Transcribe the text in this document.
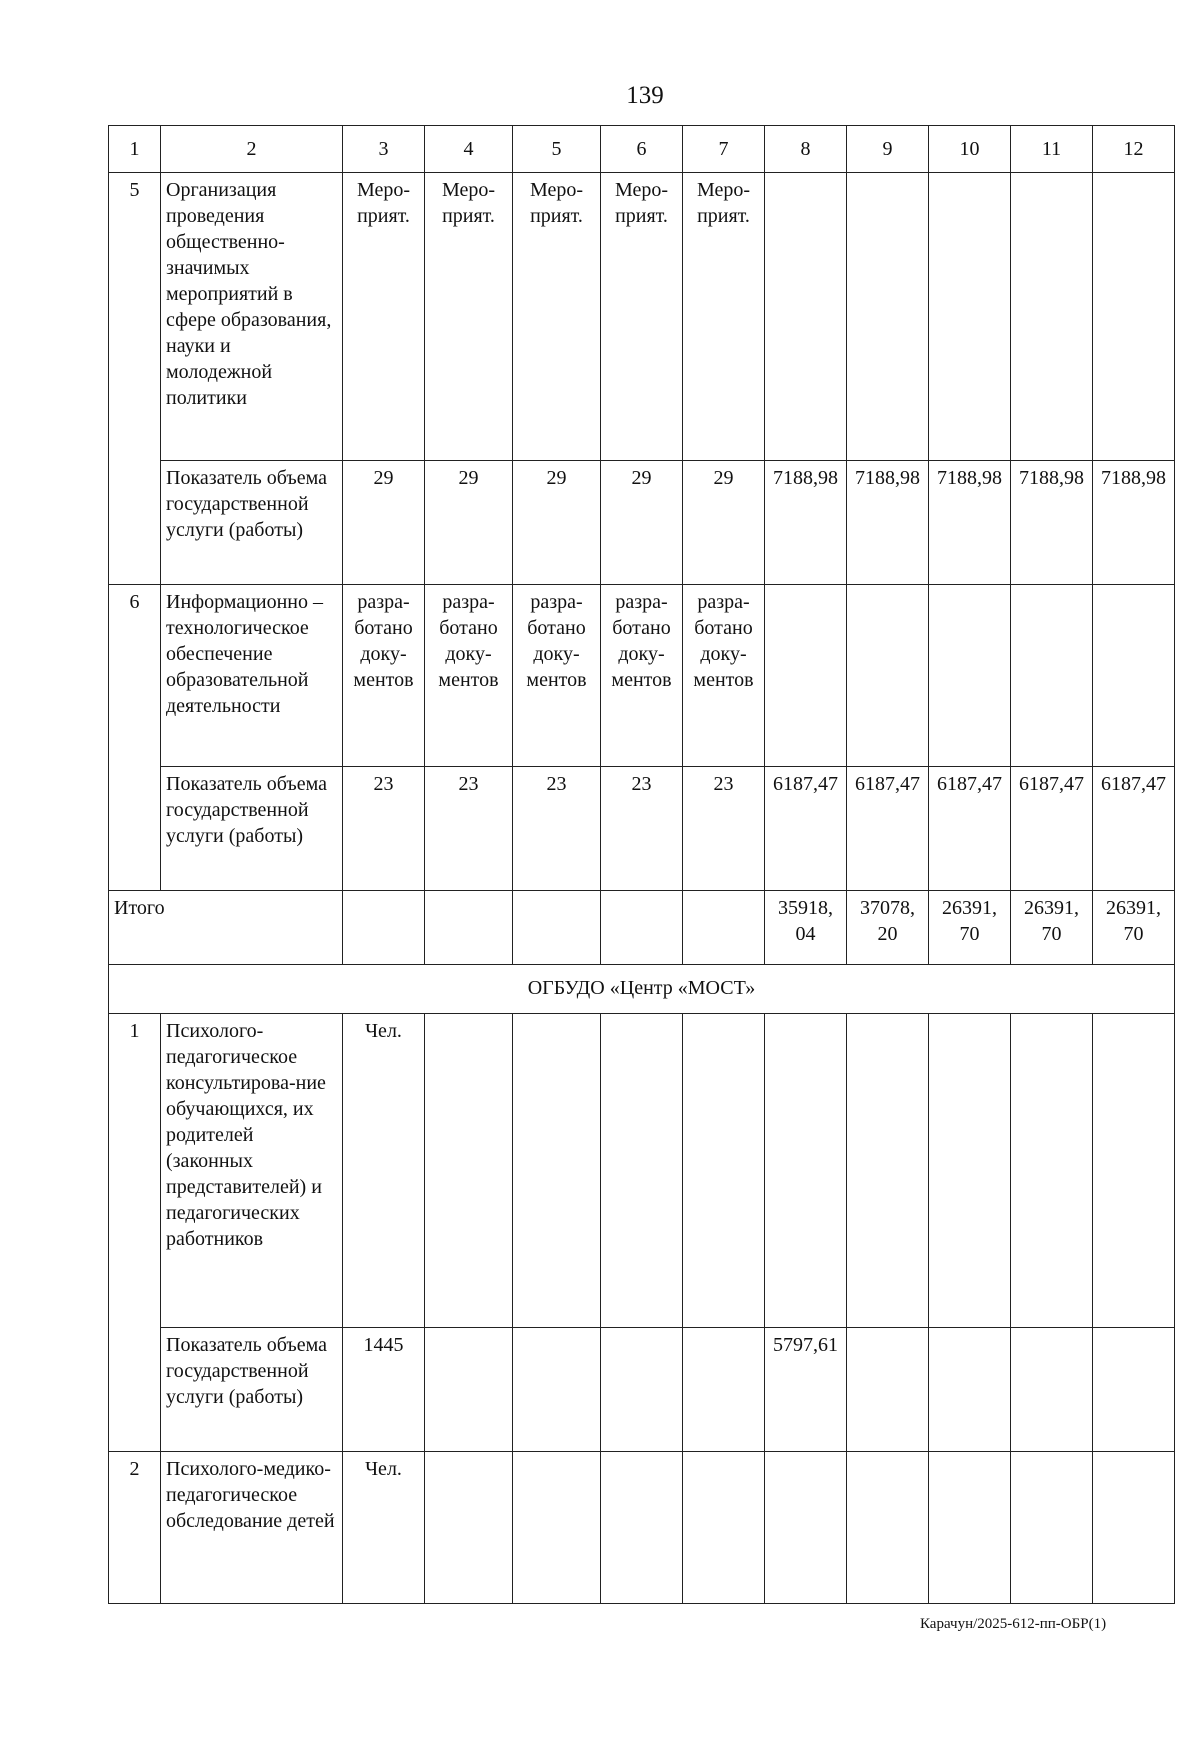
139
1	2	3	4	5	6	7	8	9	10	11	12
5	Организация проведения общественно-значимых мероприятий в сфере образования, науки и молодежной политики	Меро-прият.	Меро-прият.	Меро-прият.	Меро-прият.	Меро-прият.					
	Показатель объема государственной услуги (работы)	29	29	29	29	29	7188,98	7188,98	7188,98	7188,98	7188,98
6	Информационно – технологическое обеспечение образовательной деятельности	разра-ботано доку-ментов	разра-ботано доку-ментов	разра-ботано доку-ментов	разра-ботано доку-ментов	разра-ботано доку-ментов					
	Показатель объема государственной услуги (работы)	23	23	23	23	23	6187,47	6187,47	6187,47	6187,47	6187,47
Итого							35918, 04	37078, 20	26391, 70	26391, 70	26391, 70
ОГБУДО «Центр «МОСТ»											
1	Психолого-педагогическое консультирова-ние обучающихся, их родителей (законных представителей) и педагогических работников	Чел.									
	Показатель объема государственной услуги (работы)	1445					5797,61				
2	Психолого-медико-педагогическое обследование детей	Чел.									
Карачун/2025-612-пп-ОБР(1)
